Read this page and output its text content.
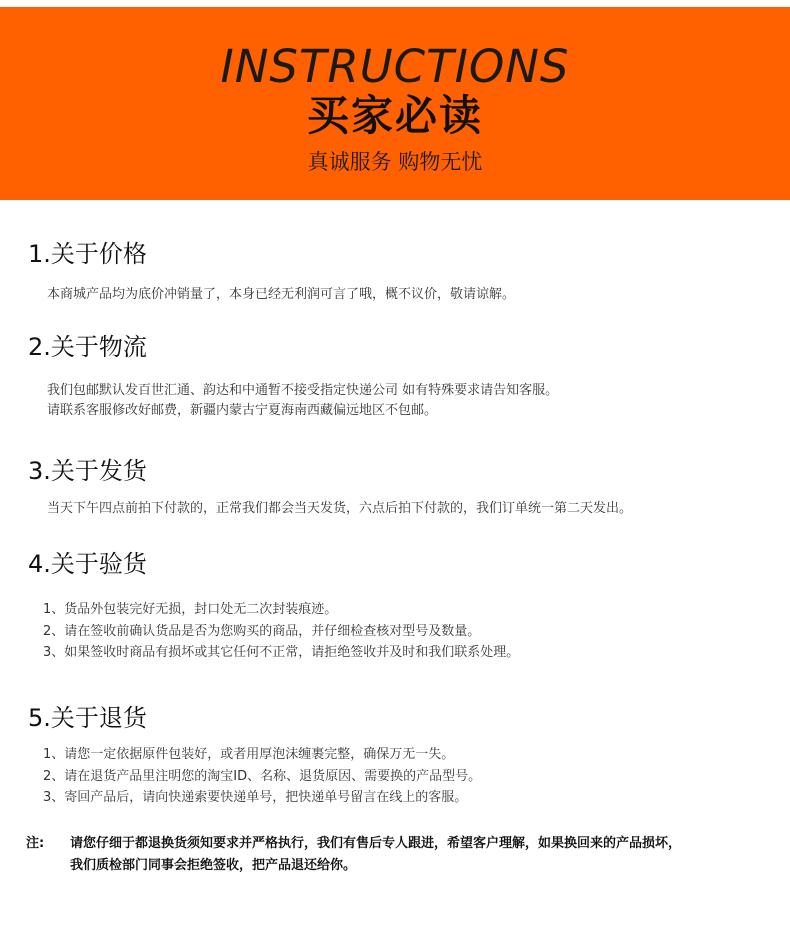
INSTRUCTIONS
买家必读
真诚服务 购物无忧
1.关于价格
本商城产品均为底价冲销量了，本身已经无利润可言了哦，概不议价，敬请谅解。
2.关于物流
我们包邮默认发百世汇通、韵达和中通暂不接受指定快递公司 如有特殊要求请告知客服。
请联系客服修改好邮费，新疆内蒙古宁夏海南西藏偏远地区不包邮。
3.关于发货
当天下午四点前拍下付款的，正常我们都会当天发货，六点后拍下付款的，我们订单统一第二天发出。
4.关于验货
1、货品外包装完好无损，封口处无二次封装痕迹。
2、请在签收前确认货品是否为您购买的商品，并仔细检查核对型号及数量。
3、如果签收时商品有损坏或其它任何不正常，请拒绝签收并及时和我们联系处理。
5.关于退货
1、请您一定依据原件包装好，或者用厚泡沫缠裹完整，确保万无一失。
2、请在退货产品里注明您的淘宝ID、名称、退货原因、需要换的产品型号。
3、寄回产品后，请向快递索要快递单号，把快递单号留言在线上的客服。
注: 请您仔细于都退换货须知要求并严格执行，我们有售后专人跟进，希望客户理解，如果换回来的产品损坏，
我们质检部门同事会拒绝签收，把产品退还给你。
